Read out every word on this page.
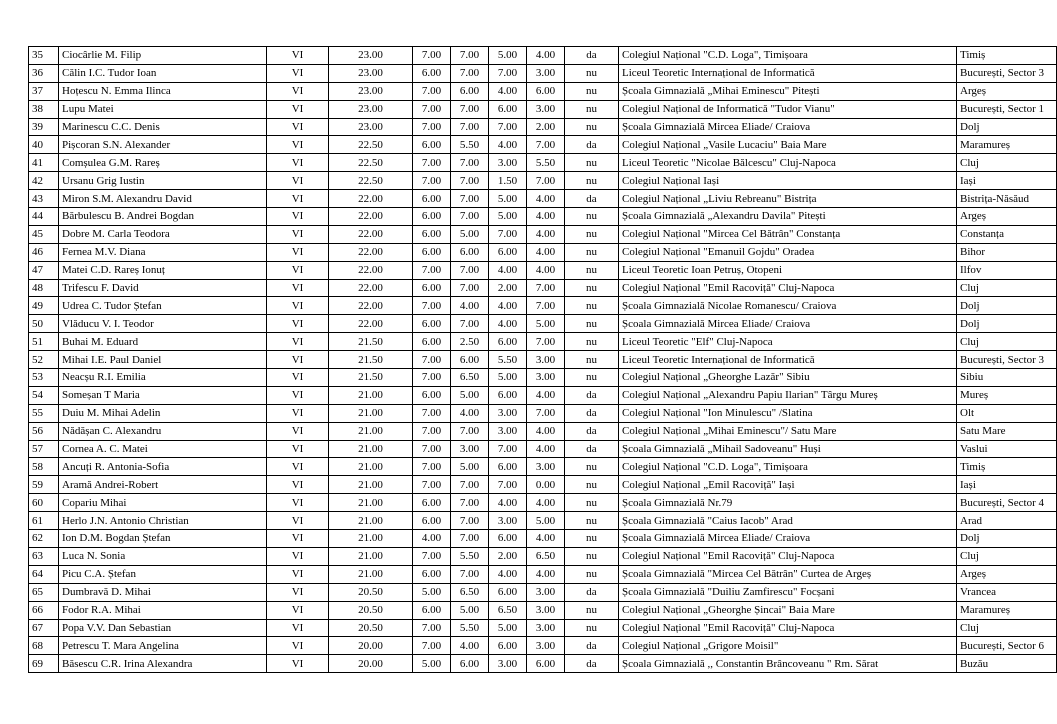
35	Ciocârlie M. Filip	VI	23.00	7.00	7.00	5.00	4.00	da	Colegiul Național "C.D. Loga", Timișoara	Timiș
36	Călin I.C. Tudor Ioan	VI	23.00	6.00	7.00	7.00	3.00	nu	Liceul Teoretic Internațional de Informatică	București, Sector 3
37	Hoțescu N. Emma Ilinca	VI	23.00	7.00	6.00	4.00	6.00	nu	Școala Gimnazială „Mihai Eminescu" Pitești	Argeș
38	Lupu Matei	VI	23.00	7.00	7.00	6.00	3.00	nu	Colegiul Național de Informatică "Tudor Vianu"	București, Sector 1
39	Marinescu C.C. Denis	VI	23.00	7.00	7.00	7.00	2.00	nu	Școala Gimnazială Mircea Eliade/ Craiova	Dolj
40	Pișcoran S.N. Alexander	VI	22.50	6.00	5.50	4.00	7.00	da	Colegiul Național „Vasile Lucaciu" Baia Mare	Maramureș
41	Comșulea G.M. Rareș	VI	22.50	7.00	7.00	3.00	5.50	nu	Liceul Teoretic "Nicolae Bălcescu" Cluj-Napoca	Cluj
42	Ursanu Grig Iustin	VI	22.50	7.00	7.00	1.50	7.00	nu	Colegiul Național Iași	Iași
43	Miron S.M. Alexandru David	VI	22.00	6.00	7.00	5.00	4.00	da	Colegiul Național „Liviu Rebreanu" Bistrița	Bistrița-Năsăud
44	Bărbulescu B. Andrei Bogdan	VI	22.00	6.00	7.00	5.00	4.00	nu	Școala Gimnazială „Alexandru Davila" Pitești	Argeș
45	Dobre M. Carla Teodora	VI	22.00	6.00	5.00	7.00	4.00	nu	Colegiul Național "Mircea Cel Bătrân" Constanța	Constanța
46	Fernea M.V. Diana	VI	22.00	6.00	6.00	6.00	4.00	nu	Colegiul Național "Emanuil Gojdu" Oradea	Bihor
47	Matei C.D. Rareș Ionuț	VI	22.00	7.00	7.00	4.00	4.00	nu	Liceul Teoretic Ioan Petruș, Otopeni	Ilfov
48	Trifescu F. David	VI	22.00	6.00	7.00	2.00	7.00	nu	Colegiul Național "Emil Racoviță" Cluj-Napoca	Cluj
49	Udrea C. Tudor Ștefan	VI	22.00	7.00	4.00	4.00	7.00	nu	Școala Gimnazială Nicolae Romanescu/ Craiova	Dolj
50	Vlăducu V. I. Teodor	VI	22.00	6.00	7.00	4.00	5.00	nu	Școala Gimnazială Mircea Eliade/ Craiova	Dolj
51	Buhai M. Eduard	VI	21.50	6.00	2.50	6.00	7.00	nu	Liceul Teoretic "Elf" Cluj-Napoca	Cluj
52	Mihai I.E. Paul Daniel	VI	21.50	7.00	6.00	5.50	3.00	nu	Liceul Teoretic Internațional de Informatică	București, Sector 3
53	Neacșu R.I. Emilia	VI	21.50	7.00	6.50	5.00	3.00	nu	Colegiul Național „Gheorghe Lazăr" Sibiu	Sibiu
54	Someșan T Maria	VI	21.00	6.00	5.00	6.00	4.00	da	Colegiul Național „Alexandru Papiu Ilarian" Târgu Mureș	Mureș
55	Duiu M. Mihai Adelin	VI	21.00	7.00	4.00	3.00	7.00	da	Colegiul Național "Ion Minulescu" /Slatina	Olt
56	Nădășan C. Alexandru	VI	21.00	7.00	7.00	3.00	4.00	da	Colegiul Național „Mihai Eminescu"/ Satu Mare	Satu Mare
57	Cornea A. C. Matei	VI	21.00	7.00	3.00	7.00	4.00	da	Școala Gimnazială „Mihail Sadoveanu" Huși	Vaslui
58	Ancuți R. Antonia-Sofia	VI	21.00	7.00	5.00	6.00	3.00	nu	Colegiul Național "C.D. Loga", Timișoara	Timiș
59	Aramă Andrei-Robert	VI	21.00	7.00	7.00	7.00	0.00	nu	Colegiul Național „Emil Racoviță" Iași	Iași
60	Copariu Mihai	VI	21.00	6.00	7.00	4.00	4.00	nu	Școala Gimnazială Nr.79	București, Sector 4
61	Herlo J.N. Antonio Christian	VI	21.00	6.00	7.00	3.00	5.00	nu	Școala Gimnazială "Caius Iacob" Arad	Arad
62	Ion D.M. Bogdan Ștefan	VI	21.00	4.00	7.00	6.00	4.00	nu	Școala Gimnazială Mircea Eliade/ Craiova	Dolj
63	Luca N. Sonia	VI	21.00	7.00	5.50	2.00	6.50	nu	Colegiul Național "Emil Racoviță" Cluj-Napoca	Cluj
64	Picu C.A. Ștefan	VI	21.00	6.00	7.00	4.00	4.00	nu	Școala Gimnazială "Mircea Cel Bătrân" Curtea de Argeș	Argeș
65	Dumbravă D. Mihai	VI	20.50	5.00	6.50	6.00	3.00	da	Școala Gimnazială "Duiliu Zamfirescu" Focșani	Vrancea
66	Fodor R.A. Mihai	VI	20.50	6.00	5.00	6.50	3.00	nu	Colegiul Național „Gheorghe Șincai" Baia Mare	Maramureș
67	Popa V.V. Dan Sebastian	VI	20.50	7.00	5.50	5.00	3.00	nu	Colegiul Național "Emil Racoviță" Cluj-Napoca	Cluj
68	Petrescu T. Mara Angelina	VI	20.00	7.00	4.00	6.00	3.00	da	Colegiul Național „Grigore Moisil"	București, Sector 6
69	Băsescu C.R. Irina Alexandra	VI	20.00	5.00	6.00	3.00	6.00	da	Școala Gimnazială ,, Constantin Brâncoveanu " Rm. Sărat	Buzău
